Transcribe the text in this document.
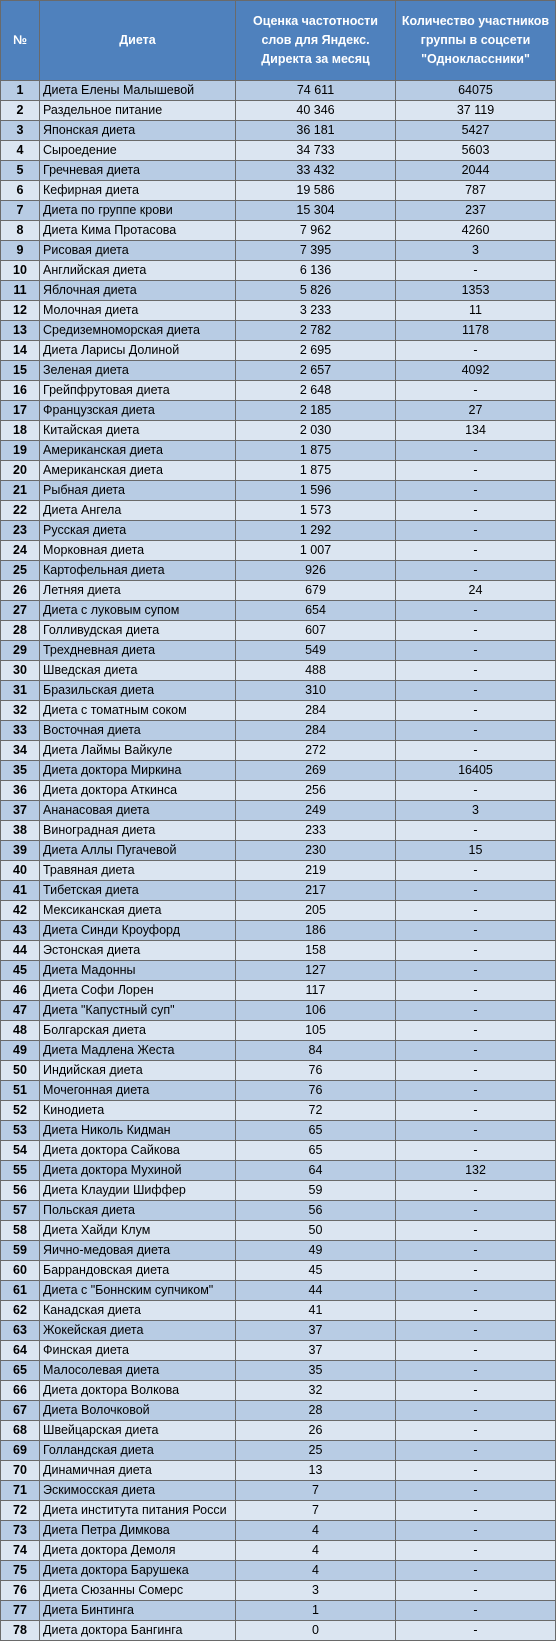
№	Диета	Оценка частотности слов для Яндекс. Директа за месяц	Количество участников группы в соцсети "Одноклассники"
1	Диета Елены Малышевой	74 611	64075
2	Раздельное питание	40 346	37 119
3	Японская диета	36 181	5427
4	Сыроедение	34 733	5603
5	Гречневая диета	33 432	2044
6	Кефирная диета	19 586	787
7	Диета по группе крови	15 304	237
8	Диета Кима Протасова	7 962	4260
9	Рисовая диета	7 395	3
10	Английская диета	6 136	-
11	Яблочная диета	5 826	1353
12	Молочная диета	3 233	11
13	Средиземноморская диета	2 782	1178
14	Диета Ларисы Долиной	2 695	-
15	Зеленая диета	2 657	4092
16	Грейпфрутовая диета	2 648	-
17	Французская диета	2 185	27
18	Китайская диета	2 030	134
19	Американская диета	1 875	-
20	Американская диета	1 875	-
21	Рыбная диета	1 596	-
22	Диета Ангела	1 573	-
23	Русская диета	1 292	-
24	Морковная диета	1 007	-
25	Картофельная диета	926	-
26	Летняя диета	679	24
27	Диета с луковым супом	654	-
28	Голливудская диета	607	-
29	Трехдневная диета	549	-
30	Шведская диета	488	-
31	Бразильская диета	310	-
32	Диета с томатным соком	284	-
33	Восточная диета	284	-
34	Диета Лаймы Вайкуле	272	-
35	Диета доктора Миркина	269	16405
36	Диета доктора Аткинса	256	-
37	Ананасовая диета	249	3
38	Виноградная диета	233	-
39	Диета Аллы Пугачевой	230	15
40	Травяная диета	219	-
41	Тибетская диета	217	-
42	Мексиканская диета	205	-
43	Диета Синди Кроуфорд	186	-
44	Эстонская диета	158	-
45	Диета Мадонны	127	-
46	Диета Софи Лорен	117	-
47	Диета "Капустный суп"	106	-
48	Болгарская диета	105	-
49	Диета Мадлена Жеста	84	-
50	Индийская диета	76	-
51	Мочегонная диета	76	-
52	Кинодиета	72	-
53	Диета Николь Кидман	65	-
54	Диета доктора Сайкова	65	-
55	Диета доктора Мухиной	64	132
56	Диета Клаудии Шиффер	59	-
57	Польская диета	56	-
58	Диета Хайди Клум	50	-
59	Яично-медовая диета	49	-
60	Баррандовская диета	45	-
61	Диета с "Боннским супчиком"	44	-
62	Канадская диета	41	-
63	Жокейская диета	37	-
64	Финская диета	37	-
65	Малосолевая диета	35	-
66	Диета доктора Волкова	32	-
67	Диета Волочковой	28	-
68	Швейцарская диета	26	-
69	Голландская диета	25	-
70	Динамичная диета	13	-
71	Эскимосская диета	7	-
72	Диета института питания Росси	7	-
73	Диета Петра Димкова	4	-
74	Диета доктора Демоля	4	-
75	Диета доктора Барушека	4	-
76	Диета Сюзанны Сомерс	3	-
77	Диета Бинтинга	1	-
78	Диета доктора Бангинга	0	-
